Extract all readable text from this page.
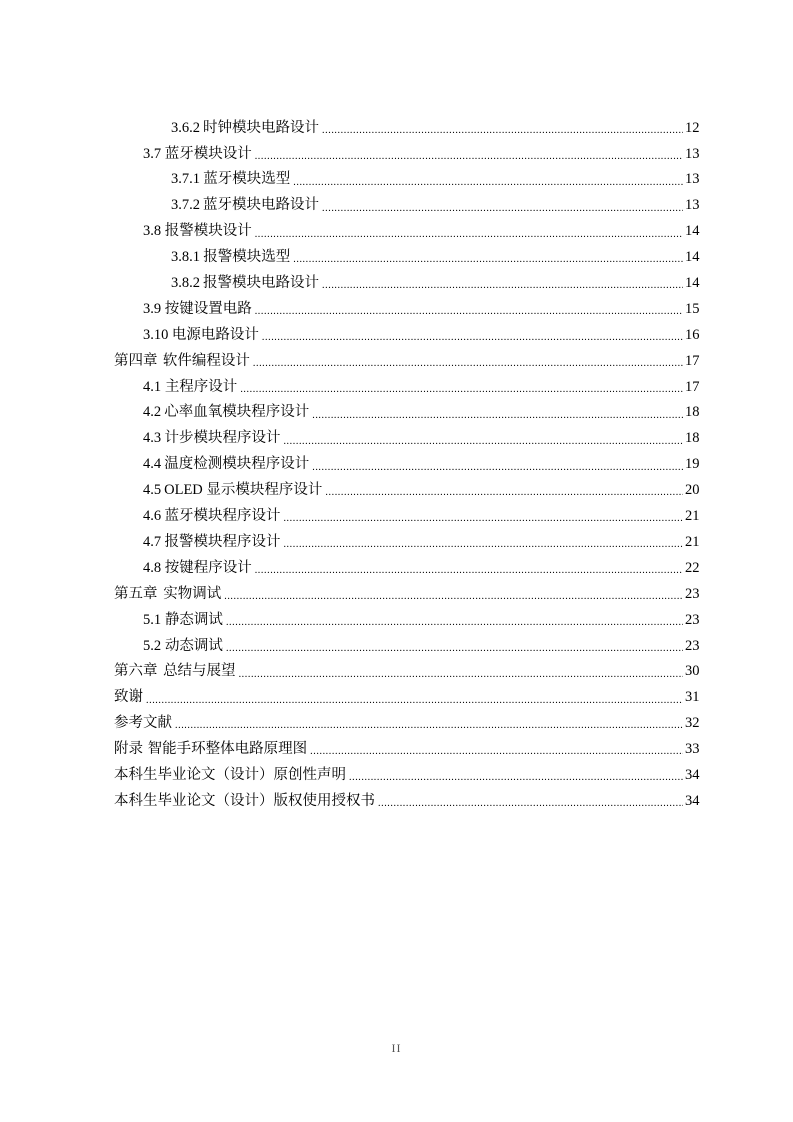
3.6.2 时钟模块电路设计 .....	12
3.7 蓝牙模块设计 .....	13
3.7.1 蓝牙模块选型 .....	13
3.7.2 蓝牙模块电路设计 .....	13
3.8 报警模块设计 .....	14
3.8.1 报警模块选型 .....	14
3.8.2 报警模块电路设计 .....	14
3.9 按键设置电路 .....	15
3.10 电源电路设计 .....	16
第四章 软件编程设计 .....	17
4.1 主程序设计 .....	17
4.2 心率血氧模块程序设计 .....	18
4.3 计步模块程序设计 .....	18
4.4 温度检测模块程序设计 .....	19
4.5 OLED 显示模块程序设计 .....	20
4.6 蓝牙模块程序设计 .....	21
4.7 报警模块程序设计 .....	21
4.8 按键程序设计 .....	22
第五章 实物调试 .....	23
5.1 静态调试 .....	23
5.2 动态调试 .....	23
第六章 总结与展望 .....	30
致谢 .....	31
参考文献 .....	32
附录 智能手环整体电路原理图 .....	33
本科生毕业论文（设计）原创性声明 .....	34
本科生毕业论文（设计）版权使用授权书 .....	34
II
